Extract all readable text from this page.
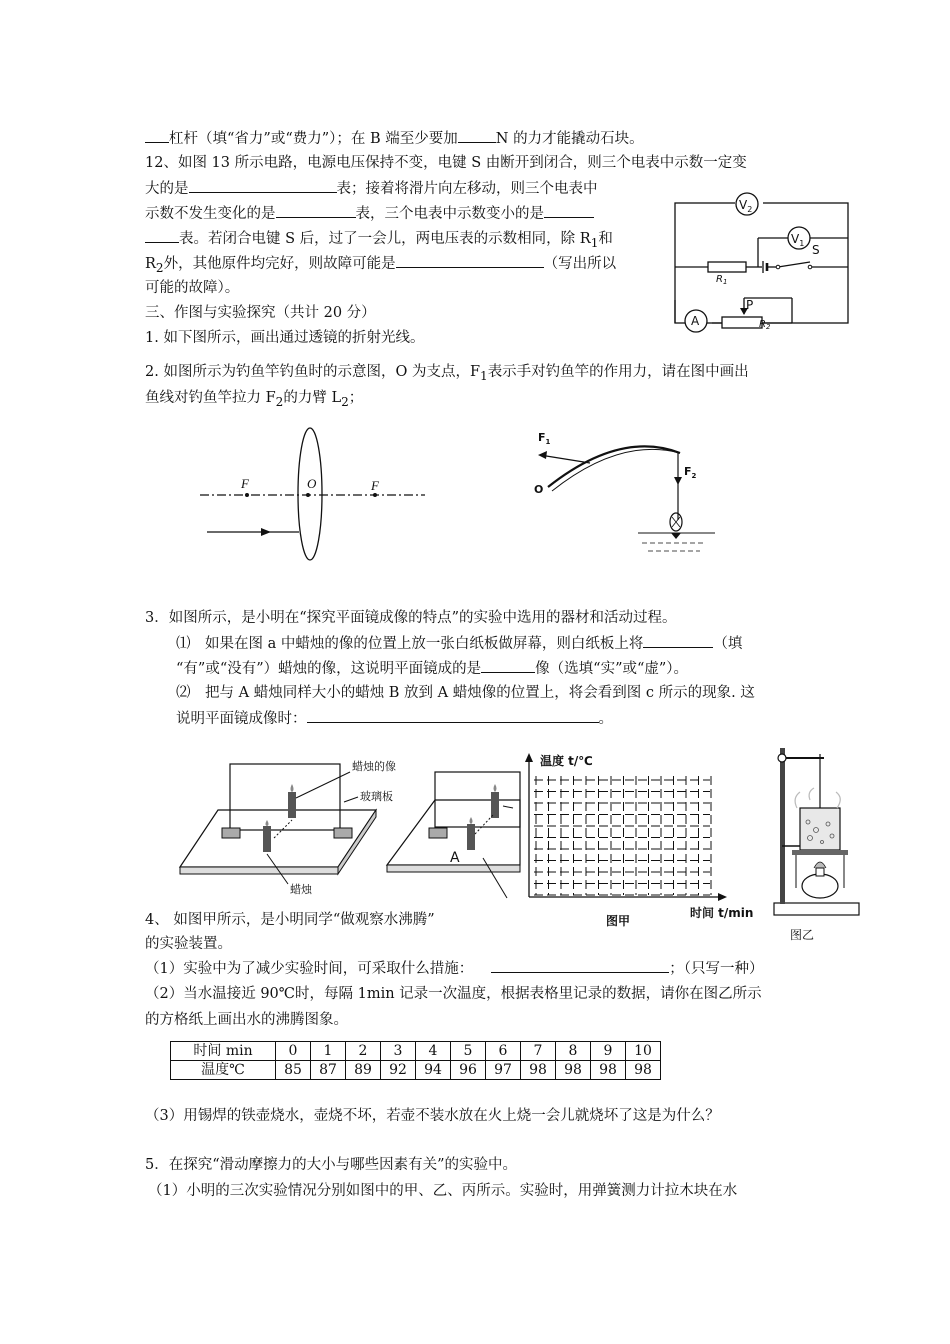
杠杆（填“省力”或“费力”）；在 B 端至少要加	N 的力才能撬动石块。
12、如图 13 所示电路，电源电压保持不变，电键 S 由断开到闭合，则三个电表中示数一定变
大的是	表；接着将滑片向左移动，则三个电表中
示数不发生变化的是	表，三个电表中示数变小的是
表。若闭合电键 S 后，过了一会儿，两电压表的示数相同，除 $R_1$和
$R_2$外，其他原件均完好，则故障可能是	（写出所以
可能的故障）。
$V_2$
$V_1$ S
$R_1$
P
A	$R_2$
三、作图与实验探究（共计 20 分）
1. 如下图所示，画出通过透镜的折射光线。
2. 如图所示为钓鱼竿钓鱼时的示意图，O 为支点，$F_1$表示手对钓鱼竿的作用力，请在图中画出
鱼线对钓鱼竿拉力 $F_2$的力臂 $L_2$；
F	O	F
$F_1$
$F_2$
O
3．如图所示，是小明在“探究平面镜成像的特点”的实验中选用的器材和活动过程。
⑴　如果在图 a 中蜡烛的像的位置上放一张白纸板做屏幕，则白纸板上将	（填
“有”或“没有”）蜡烛的像，这说明平面镜成的是	像（选填“实”或“虚”）。
⑵　把与 A 蜡烛同样大小的蜡烛 B 放到 A 蜡烛像的位置上，将会看到图 c 所示的现象. 这
说明平面镜成像时：	。
蜡烛的像
玻璃板
蜡烛
A
温度 t/℃
图甲
时间 t/min
图乙
4、 如图甲所示，是小明同学“做观察水沸腾”
的实验装置。
（1）实验中为了减少实验时间，可采取什么措施：	；（只写一种）
（2）当水温接近 90℃时，每隔 1min 记录一次温度，根据表格里记录的数据，请你在图乙所示
的方格纸上画出水的沸腾图象。
时间 min	0	1	2	3	4	5	6	7	8	9	10
温度℃	85	87	89	92	94	96	97	98	98	98	98
（3）用锡焊的铁壶烧水，壶烧不坏，若壶不装水放在火上烧一会儿就烧坏了这是为什么？
5．在探究“滑动摩擦力的大小与哪些因素有关”的实验中。
（1）小明的三次实验情况分别如图中的甲、乙、丙所示。实验时，用弹簧测力计拉木块在水
